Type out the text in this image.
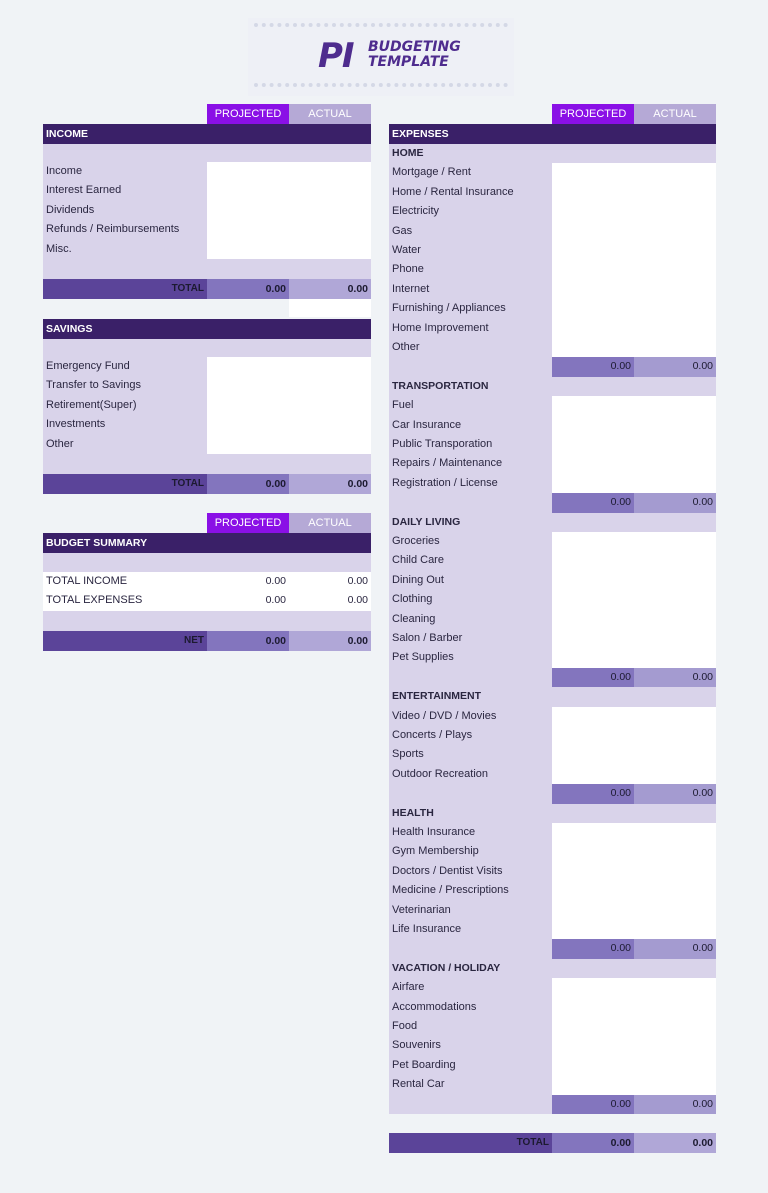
PI BUDGETING
TEMPLATE
PROJECTED	ACTUAL
INCOME
Income
Interest Earned
Dividends
Refunds / Reimbursements
Misc.
TOTAL	0.00	0.00
SAVINGS
Emergency Fund
Transfer to Savings
Retirement(Super)
Investments
Other
TOTAL	0.00	0.00
PROJECTED	ACTUAL
BUDGET SUMMARY
TOTAL INCOME	0.00	0.00
TOTAL EXPENSES	0.00	0.00
NET	0.00	0.00
PROJECTED	ACTUAL
EXPENSES
HOME
Mortgage / Rent
Home / Rental Insurance
Electricity
Gas
Water
Phone
Internet
Furnishing / Appliances
Home Improvement
Other
0.00	0.00
TRANSPORTATION
Fuel
Car Insurance
Public Transporation
Repairs / Maintenance
Registration / License
0.00	0.00
DAILY LIVING
Groceries
Child Care
Dining Out
Clothing
Cleaning
Salon / Barber
Pet Supplies
0.00	0.00
ENTERTAINMENT
Video / DVD / Movies
Concerts / Plays
Sports
Outdoor Recreation
0.00	0.00
HEALTH
Health Insurance
Gym Membership
Doctors / Dentist Visits
Medicine / Prescriptions
Veterinarian
Life Insurance
0.00	0.00
VACATION / HOLIDAY
Airfare
Accommodations
Food
Souvenirs
Pet Boarding
Rental Car
0.00	0.00
TOTAL	0.00	0.00
